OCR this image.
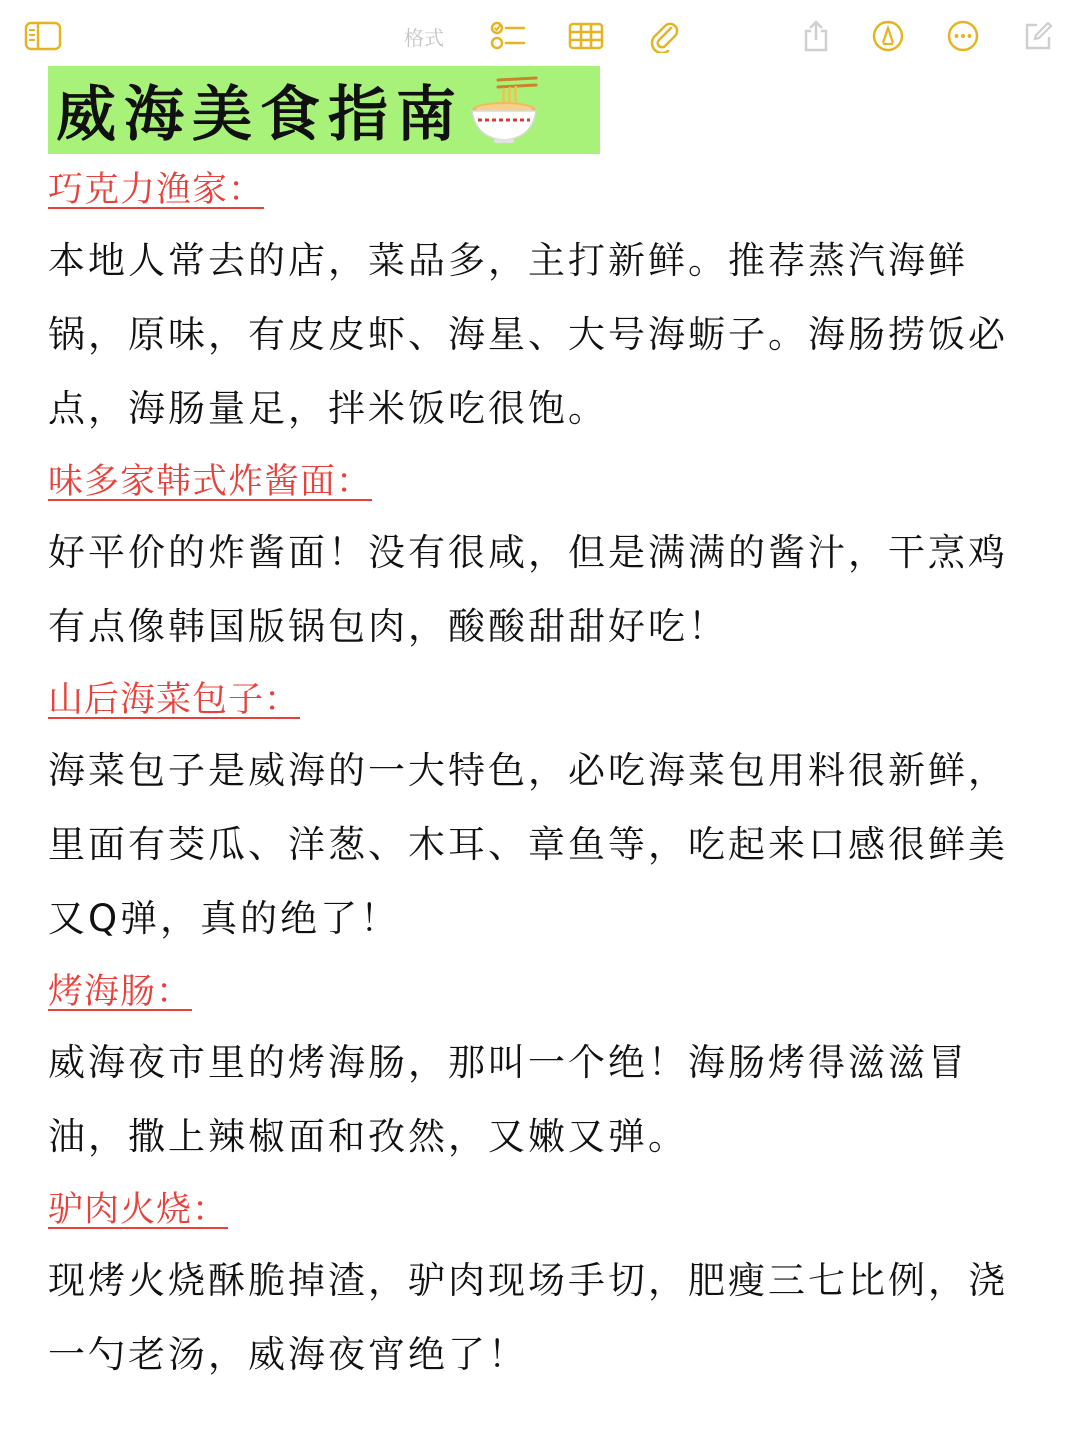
格式
威海美食指南
巧克力渔家：

本地人常去的店，菜品多，主打新鲜。推荐蒸汽海鲜锅，原味，有皮皮虾、海星、大号海蛎子。海肠捞饭必点，海肠量足，拌米饭吃很饱。

味多家韩式炸酱面：

好平价的炸酱面！没有很咸，但是满满的酱汁，干烹鸡有点像韩国版锅包肉，酸酸甜甜好吃！

山后海菜包子：

海菜包子是威海的一大特色，必吃海菜包用料很新鲜，里面有茭瓜、洋葱、木耳、章鱼等，吃起来口感很鲜美又Q弹，真的绝了！

烤海肠：

威海夜市里的烤海肠，那叫一个绝！海肠烤得滋滋冒油，撒上辣椒面和孜然，又嫩又弹。

驴肉火烧：

现烤火烧酥脆掉渣，驴肉现场手切，肥瘦三七比例，浇一勺老汤，威海夜宵绝了！
